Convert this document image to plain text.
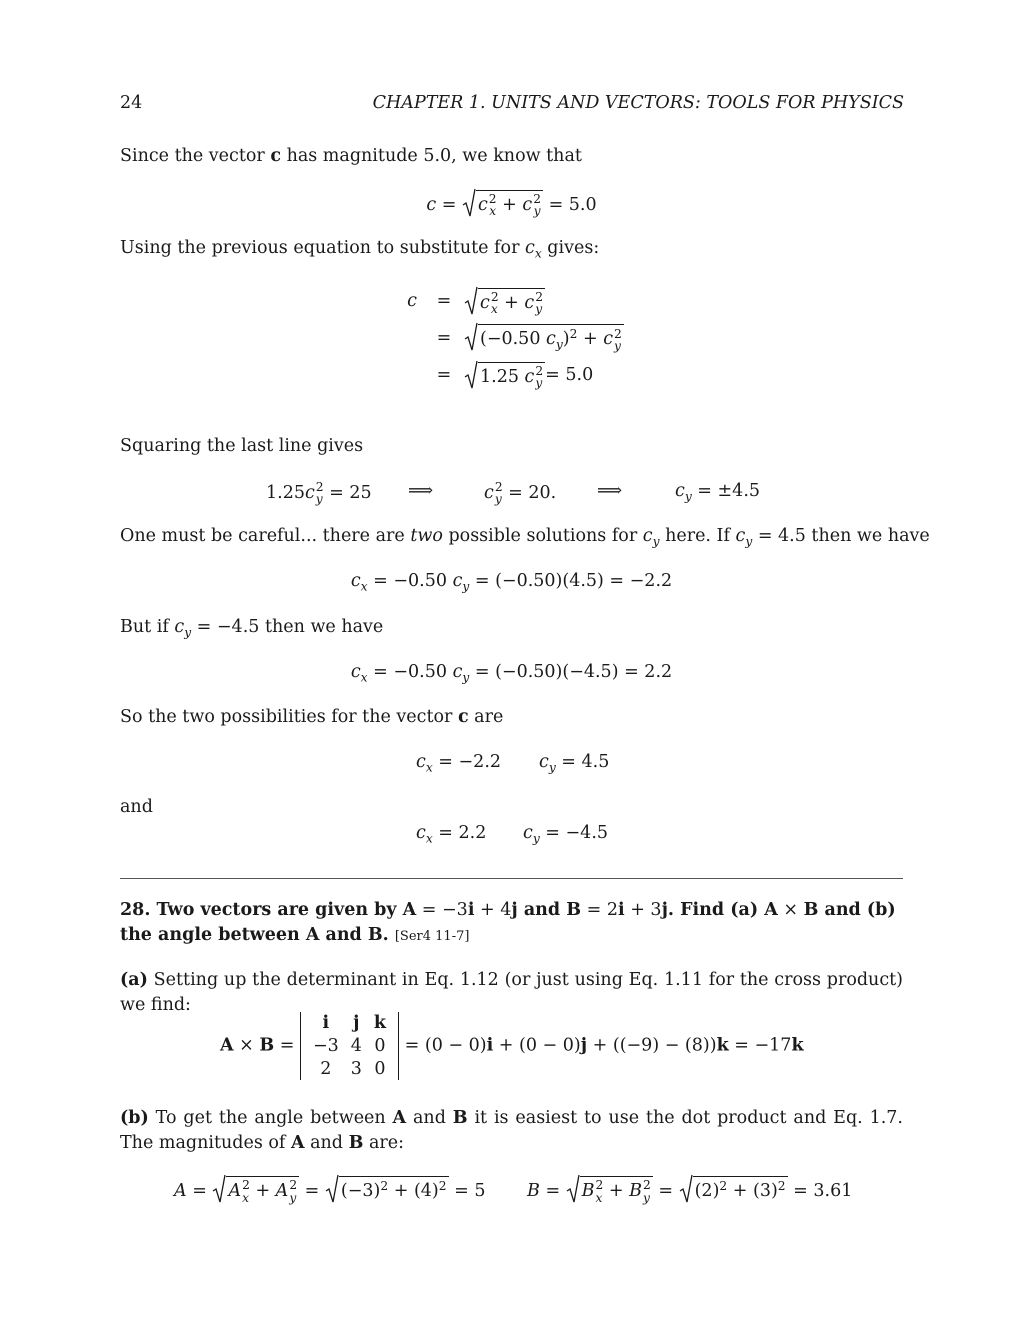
24	CHAPTER 1. UNITS AND VECTORS: TOOLS FOR PHYSICS
Since the vector c has magnitude 5.0, we know that
c =
c 2
x + c 2
y = 5.0
Using the previous equation to substitute for $c_x$ gives:
c	=	c 2
x + c 2
y
=	(−0.50 $c_y)^2 + c$ 2
y
=	1.25 c 2
y = 5.0
Squaring the last line gives
1.25c 2
y = 25 ⟹	c 2
y = 20. ⟹	$c_y = \pm 4.5$
One must be careful... there are two possible solutions for $c_y$ here. If $c_y = 4.5$ then we have
$c_x = -0.50$ $c_y = (-0.50)(4.5) = -2.2$
But if $c_y = -4.5$ then we have
$c_x = -0.50$ $c_y = (-0.50)(-4.5) = 2.2$
So the two possibilities for the vector c are
$c_x = -2.2$ $c_y = 4.5$
and
$c_x = 2.2$ $c_y = -4.5$
28. Two vectors are given by A = −3i + 4j and B = 2i + 3j. Find (a) A × B and (b) the angle between A and B. [Ser4 11-7]
(a) Setting up the determinant in Eq. 1.12 (or just using Eq. 1.11 for the cross product) we find:
A × B =
i	j	k
−3	4	0
2	3	0
= (0 − 0)i + (0 − 0)j + ((−9) − (8))k = −17k
(b) To get the angle between A and B it is easiest to use the dot product and Eq. 1.7. The magnitudes of A and B are:
A =
A 2
x + A 2
y =
$(-3)^2 + (4)^2 = 5$ B =
B 2
x + B 2
y =
$(2)^2 + (3)^2 = 3.61$
